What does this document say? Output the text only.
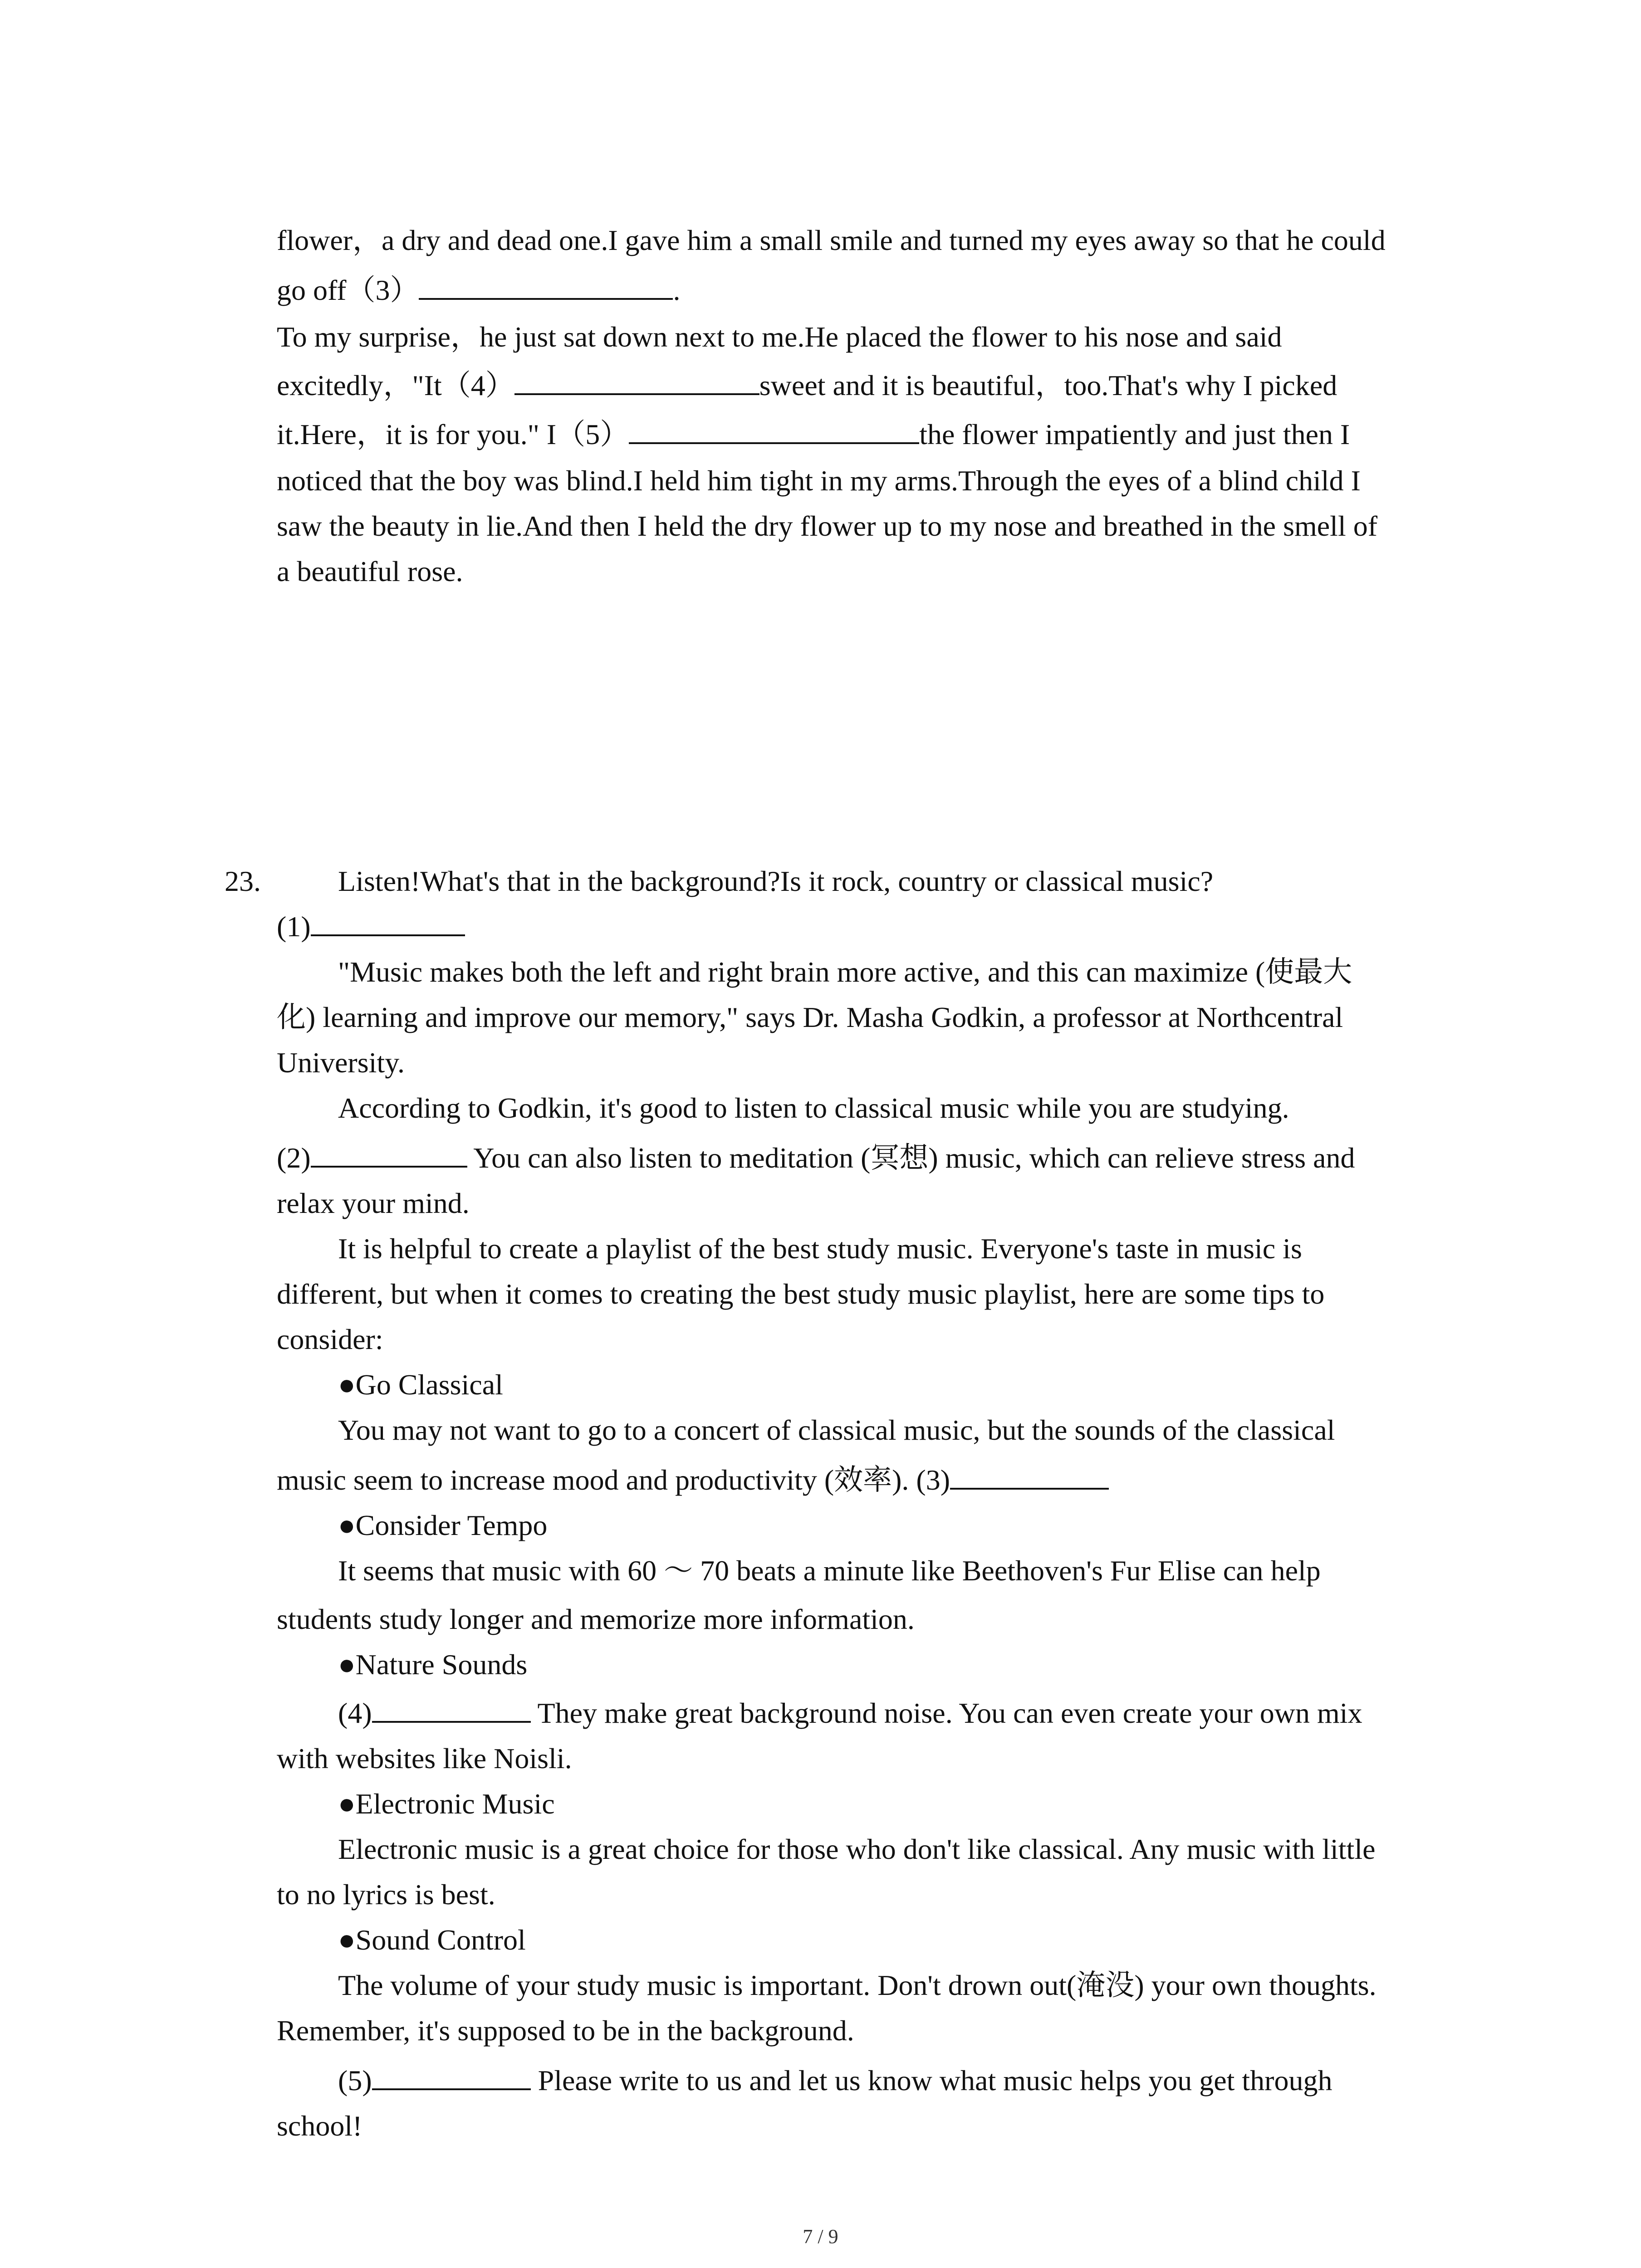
flower，a dry and dead one.I gave him a small smile and turned my eyes away so that he could
go off（3）	.
To my surprise，he just sat down next to me.He placed the flower to his nose and said
excitedly，"It（4）	sweet and it is beautiful，too.That's why I picked
it.Here，it is for you." I（5）	the flower impatiently and just then I
noticed that the boy was blind.I held him tight in my arms.Through the eyes of a blind child I
saw the beauty in lie.And then I held the dry flower up to my nose and breathed in the smell of
a beautiful rose.
23.	Listen!What's that in the background?Is it rock, country or classical music?
(1)
"Music makes both the left and right brain more active, and this can maximize (使最大
化) learning and improve our memory," says Dr. Masha Godkin, a professor at Northcentral
University.
According to Godkin, it's good to listen to classical music while you are studying.
(2)	You can also listen to meditation (冥想) music, which can relieve stress and
relax your mind.
It is helpful to create a playlist of the best study music. Everyone's taste in music is
different, but when it comes to creating the best study music playlist, here are some tips to
consider:
●Go Classical
You may not want to go to a concert of classical music, but the sounds of the classical
music seem to increase mood and productivity (效率). (3)
●Consider Tempo
It seems that music with 60 ～ 70 beats a minute like Beethoven's Fur Elise can help
students study longer and memorize more information.
●Nature Sounds
(4)	They make great background noise. You can even create your own mix
with websites like Noisli.
●Electronic Music
Electronic music is a great choice for those who don't like classical. Any music with little
to no lyrics is best.
●Sound Control
The volume of your study music is important. Don't drown out(淹没) your own thoughts.
Remember, it's supposed to be in the background.
(5)	Please write to us and let us know what music helps you get through
school!
7 / 9
